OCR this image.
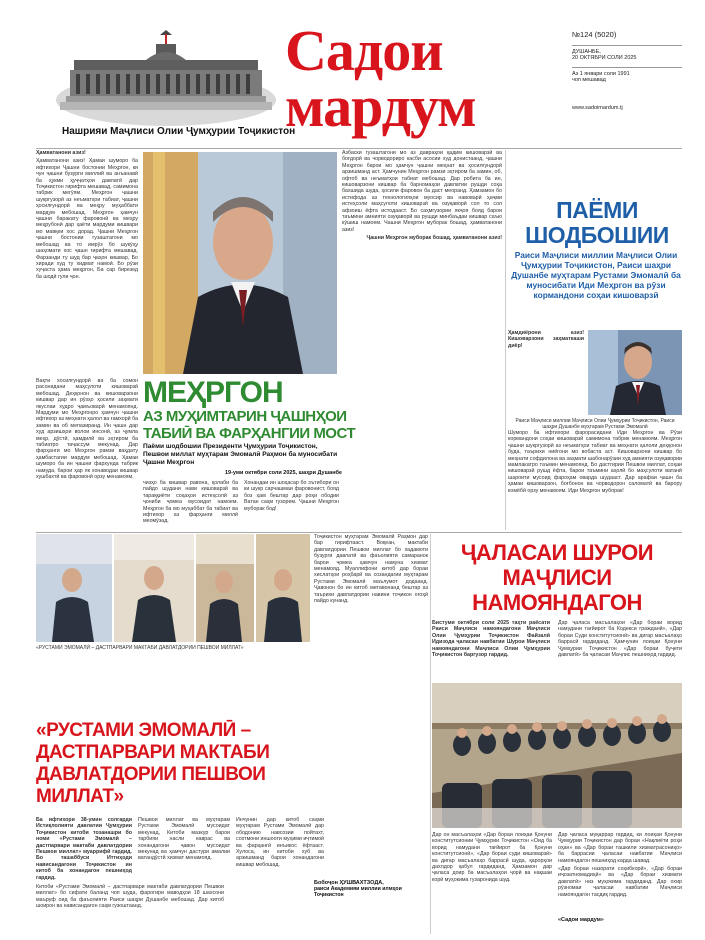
Садои
мардум
Нашрияи Маҷлиси Олии Ҷумҳурии Тоҷикистон
№124 (5020)
ДУШАНБЕ,
20 ОКТЯБРИ СОЛИ 2025
Аз 1 январи соли 1991
чоп мешавад
www.sadoimardum.tj

Ҳамватанони азиз!

Ҳамватанони азиз! Ҳамаи шуморо ба ифтихори Ҷашни бостонии Меҳргон, ки чун ҷашни бузурги миллий ва анъанавӣ ба ҳукми ҳуҷҷатҳои давлатӣ дар Тоҷикистон гирифта мешавад, самимона табрик мегӯям. Меҳргон ҷашни шукргузорӣ аз неъматҳои табиат, ҷашни ҳосилғундорӣ ва меҳру муҳаббати мардум мебошад. Меҳргон ҳамчун ҷашни баракату фаровонӣ ва меҳру меҳрубонӣ дар ҳаёти мардуми кишвари мо мавқеи хос дорад. Ҷашни Меҳргон ҷашни бостонии гузаштагони мо мебошад ва то имрӯз бо шукӯҳу шаҳомати хос ҷашн гирифта мешавад. Фарзанди ту шуд бар ҷаҳон кишвар, Бо хиради худ ту хидмат намоӣ. Бо рӯзи хуҷаста ҳама меҳргон, Ба сар бирезед ба шодӣ гули ҷон.

Азбаски гузаштагони мо аз давраҳои қадим кишоварзӣ ва боғдорӣ ва чорводориро касби асосии худ донистаанд, ҷашни Меҳргон барои мо ҳамчун ҷашни меҳнат ва ҳосилғундорӣ арзишманд аст. Ҳамчунин Меҳргон рамзи эҳтиром ба замин, об, офтоб ва неъматҳои табиат мебошад. Дар робита ба ин, кишоварзони кишвар ба барномаҳои давлатии рушди соҳа бахшида шуда, ҳосили фаровон ба даст меоранд. Ҳамзамон бо истифода аз технологияҳои муосир ва навоварӣ ҳаҷми истеҳсоли маҳсулоти кишоварзӣ ва озуқаворӣ сол то сол афзоиш ёфта истодааст. Бо саҳмгузории якҷоя бояд барои таъмини амнияти озуқаворӣ ва рушди минбаъдаи кишвар саъю кӯшиш намоем. Чашни Меҳргон муборак бошад, ҳамватанони азиз!

Ҷашни Меҳргон муборак бошад, ҳамватанони азиз!

Вақти хосилғундорӣ ва ба сомон расонидани маҳсулоти кишоварзӣ мебошад. Деҳқонон ва кишоварзони кишвар дар ин рӯзҳо ҳосили заҳмати якуслаи худро ҷамъоварӣ менамоянд. Мардуми мо Меҳргонро ҳамчун ҷашни ифтихор аз меҳнати ҳалол ва ғамхорӣ ба замин ва об мепазиранд. Ин ҷашн дар худ арзишҳои волои инсонӣ, аз ҷумла меҳр, дӯстӣ, ҳамдилӣ ва эҳтиром ба табиатро таҷассум мекунад. Дар фарҳанги мо Меҳргон рамзи ваҳдату ҳамбастагии мардум мебошад. Ҳамаи шуморо ба ин ҷашни фархунда табрик намуда, барои ҳар як хонаводаи кишвар хушбахтӣ ва фаровонӣ орзу менамоям.

МЕҲРГОН
АЗ МУҲИМТАРИН ҶАШНҲОИ
ТАБИӢ ВА ФАРҲАНГИИ МОСТ
Паёми шодбошии Президенти Ҷумҳурии Тоҷикистон, Пешвои миллат муҳтарам Эмомалӣ Раҳмон ба муносибати Ҷашни Меҳргон
19-уми октябри соли 2025, шаҳри Душанбе

чизҳо ба кишвар равона, қолаби ба пайдо шудани нави кишоварзӣ ва тараққиёти соҳаҳои истеҳсолӣ аз ҷониби ҷомеа мусоидат намоем. Меҳргон ба мо муҳаббат ба табиат ва ифтихор аз фарҳанги миллӣ меомӯзад.

Хонандаи ин шоҳасар бо эътибори он ки шукр сарчашмаи фаровонист, бояд боз ҳам бештар дар роҳи ободии Ватан саҳм гузорем. Ҷашни Меҳргон муборак бод!

ПАЁМИ
ШОДБОШИИ
Раиси Маҷлиси миллии Маҷлиси Олии Ҷумҳурии Тоҷикистон, Раиси шаҳри Душанбе муҳтарам Рустами Эмомалӣ ба муносибати Иди Меҳргон ва рӯзи кормандони соҳаи кишоварзӣ

Ҳамдиёрони азиз! Кишоварзони заҳматкаши диёр!

Раиси Маҷлиси миллии Маҷлиси Олии Ҷумҳурии Тоҷикистон, Раиси шаҳри Душанбе муҳтарам Рустами Эмомалӣ

Шуморо ба ифтихори фарорасидани Иди Меҳргон ва Рӯзи кормандони соҳаи кишоварзӣ самимона табрик менамоям. Меҳргон ҷашни шукргузорӣ аз неъматҳои табиат ва меҳнати ҳалоли деҳқонон буда, таърихи ниёгони мо вобаста аст. Кишоварзони кишвар бо меҳнати софдилона ва заҳмати шабонарӯзии худ амнияти озуқавории мамлакатро таъмин менамоянд. Бо дастгирии Пешвои миллат, соҳаи кишоварзӣ рушд ёфта, барои таъмини аҳолӣ бо маҳсулоти ватанӣ шароити мусоид фароҳам оварда шудааст. Дар арафаи ҷашн ба ҳамаи кишоварзон, боғбонон ва чорводорон саломатӣ ва барору комёбӣ орзу менамоям. Иди Меҳргон муборак!

«РУСТАМИ ЭМОМАЛӢ – ДАСТПАРВАРИ МАКТАБИ ДАВЛАТДОРИИ ПЕШВОИ МИЛЛАТ»

Тоҷикистон муҳтарам Эмомалӣ Раҳмон дар бар гирифтааст. Воқеан, мактаби давлатдории Пешвои миллат бо хадамоти бузурги давлатӣ ва фаъолияти самаранок барои ҷомеа ҳамчун намуна хизмат менамояд. Муаллифони китоб дар бораи хислатҳои роҳбарӣ ва созандагии муҳтарам Рустами Эмомалӣ маълумот додаанд. Ҷавонон бо ин китоб метавонанд бештар аз таърихи давлатдории навини тоҷикон огоҳӣ пайдо кунанд.

«РУСТАМИ ЭМОМАЛӢ – ДАСТПАРВАРИ МАКТАБИ ДАВЛАТДОРИИ ПЕШВОИ МИЛЛАТ»

Ба ифтихори 38-умин солгарди Истиқлолияти давлатии Ҷумҳурии Тоҷикистон китоби тозанашри бо номи «Рустами Эмомалӣ – дастпарвари мактаби давлатдории Пешвои миллат» муаррифӣ гардид. Бо ташаббуси Иттиҳоди нависандагони Тоҷикистон ин китоб ба хонандагон пешниҳод гардид.

Пешвои миллат ва муҳтарам Рустами Эмомалӣ мусоидат мекунад, Китоби мазкур барои тарбияи насли наврас ва хонандагони ҷавон мусоидат мекунад ва ҳамчун дастури амалии ватандӯстӣ хизмат менамояд.

Инчунин дар китоб саҳми муҳтарам Рустами Эмомалӣ дар ободонию навсозии пойтахт, сохтмони иншооти муҳими иҷтимоӣ ва фарҳангӣ инъикос ёфтааст. Хулоса, ин китоби хуб ва арзишманд барои хонандагони кишвар мебошад.

Китоби «Рустами Эмомалӣ – дастпарвари мактаби давлатдории Пешвои миллат» бо сифати баланд чоп шуда, фарогири маводҳои 18 шахсони маъруф оид ба фаъолияти Раиси шаҳри Душанбе мебошад. Дар китоб шоирон ва нависандагон саҳм гузоштаанд.

Бобоҷон ҲУШВАХТЗОДА,
раиси Академияи миллии илмҳои Тоҷикистон
ҶАЛАСАИ ШУРОИ
МАҶЛИСИ
НАМОЯНДАГОН

Бистуми октябри соли 2025 таҳти раёсати Раиси Маҷлиси намояндагони Маҷлиси Олии Ҷумҳурии Тоҷикистон Файзалӣ Идизода ҷаласаи навбатии Шурои Маҷлиси намояндагони Маҷлиси Олии Ҷумҳурии Тоҷикистон баргузор гардид.

Дар ҷаласа масъалаҳои «Дар бораи ворид намудани тағйирот ба Кодекси гражданӣ», «Дар бораи Суди конститутсионӣ» ва дигар масъалаҳо баррасӣ гардиданд. Ҳамчунин лоиҳаи Қонуни Ҷумҳурии Тоҷикистон «Дар бораи буҷети давлатӣ» ба ҷаласаи Маҷлис пешниҳод гардид.

Дар он масъалаҳои «Дар бораи лоиҳаи Қонуни конститутсионии Ҷумҳурии Тоҷикистон «Оид ба ворид намудани тағйирот ба Қонуни конститутсионӣ», «Дар бораи суди кишоварзӣ» ва дигар масъалаҳо баррасӣ шуда, қарорҳои дахлдор қабул гардиданд. Ҳамзамон дар ҷаласа доир ба масъалаҳои ҷорӣ ва нақшаи корӣ муҳокима гузаронида шуд.

Дар ҷаласа муқаррар гардид, ки лоиҳаи Қонуни Ҷумҳурии Тоҷикистон дар бораи «Нақлиёти роҳи оҳан» ва «Дар бораи ташкили хизматрасониҳо» ба баррасии ҷаласаи навбатии Маҷлиси намояндагон пешниҳод карда шавад.

«Дар бораи назорати соҳибкорӣ», «Дар бораи иҷозатномадиҳӣ» ва «Дар бораи хизмати давлатӣ» низ муҳокима гардиданд. Дар охир рӯзномаи ҷаласаи навбатии Маҷлиси намояндагон тасдиқ гардид.

«Садои мардум»
